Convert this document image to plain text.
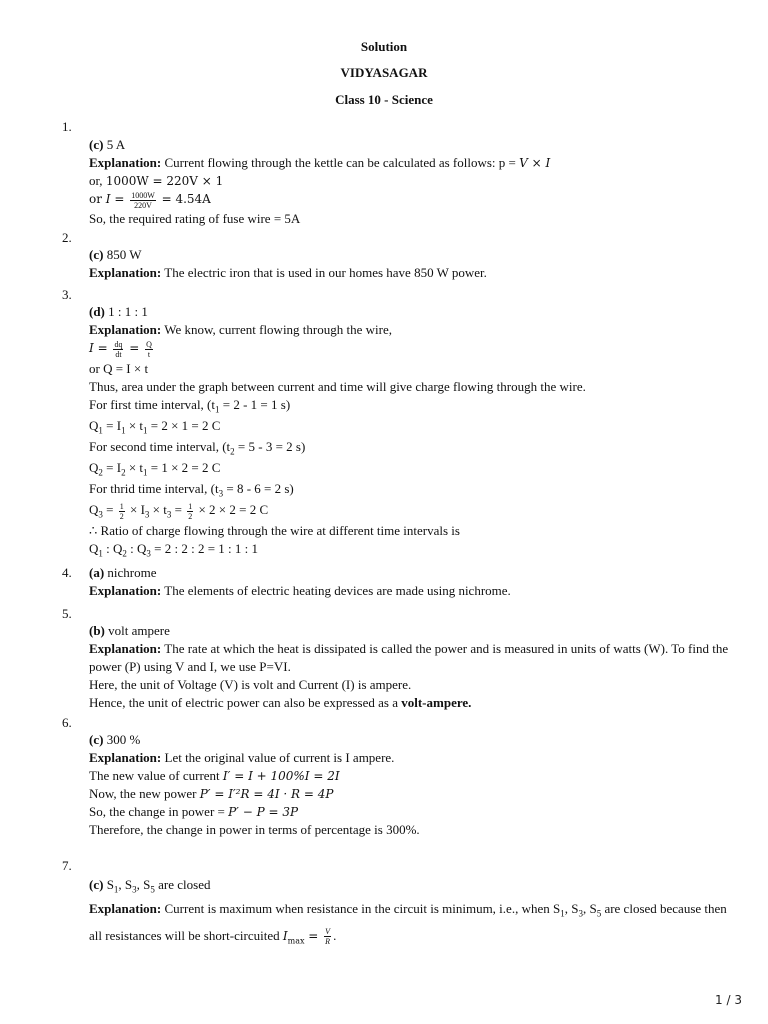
Solution
VIDYASAGAR
Class 10 - Science
1.
(c) 5 A
Explanation: Current flowing through the kettle can be calculated as follows: p = V × I
or, 1000W = 220V × 1
or $I = \frac{1000W}{220V} = 4.54A$
So, the required rating of fuse wire = 5A
2.
(c) 850 W
Explanation: The electric iron that is used in our homes have 850 W power.
3.
(d) 1 : 1 : 1
Explanation: We know, current flowing through the wire,
$I = \frac{dq}{dt} = \frac{Q}{t}$
or Q = I × t
Thus, area under the graph between current and time will give charge flowing through the wire.
For first time interval, ($t_1 = 2 - 1 = 1$ s)
$Q_1 = I_1 \times t_1 = 2 \times 1 = 2$ C
For second time interval, ($t_2 = 5 - 3 = 2$ s)
$Q_2 = I_2 \times t_1 = 1 \times 2 = 2$ C
For thrid time interval, ($t_3 = 8 - 6 = 2$ s)
$Q_3 = \frac{1}{2} \times I_3 \times t_3 = \frac{1}{2} \times 2 \times 2 = 2$ C
∴ Ratio of charge flowing through the wire at different time intervals is
$Q_1$ : $Q_2$ : $Q_3 = 2$ : 2 : 2 = 1 : 1 : 1
4. (a) nichrome
Explanation: The elements of electric heating devices are made using nichrome.
5.
(b) volt ampere
Explanation: The rate at which the heat is dissipated is called the power and is measured in units of watts (W). To find the power (P) using V and I, we use P=VI.
Here, the unit of Voltage (V) is volt and Current (I) is ampere.
Hence, the unit of electric power can also be expressed as a volt-ampere.
6.
(c) 300 %
Explanation: Let the original value of current is I ampere.
The new value of current I′ = I + 100%I = 2I
Now, the new power P′ = I′²R = 4I · R = 4P
So, the change in power = P′ − P = 3P
Therefore, the change in power in terms of percentage is 300%.
7.
(c) $S_1$, $S_3$, $S_5$ are closed
Explanation: Current is maximum when resistance in the circuit is minimum, i.e., when $S_1$, $S_3$, $S_5$ are closed because then all resistances will be short-circuited $I_{max} = \frac{V}{R}$ .
1 / 3
